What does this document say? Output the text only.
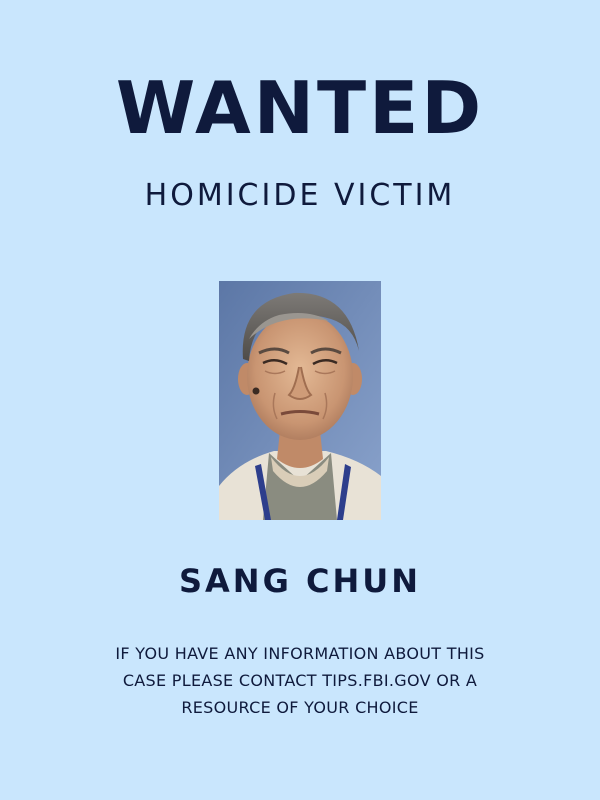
WANTED
HOMICIDE VICTIM
SANG CHUN
IF YOU HAVE ANY INFORMATION ABOUT THIS
CASE PLEASE CONTACT TIPS.FBI.GOV OR A
RESOURCE OF YOUR CHOICE
